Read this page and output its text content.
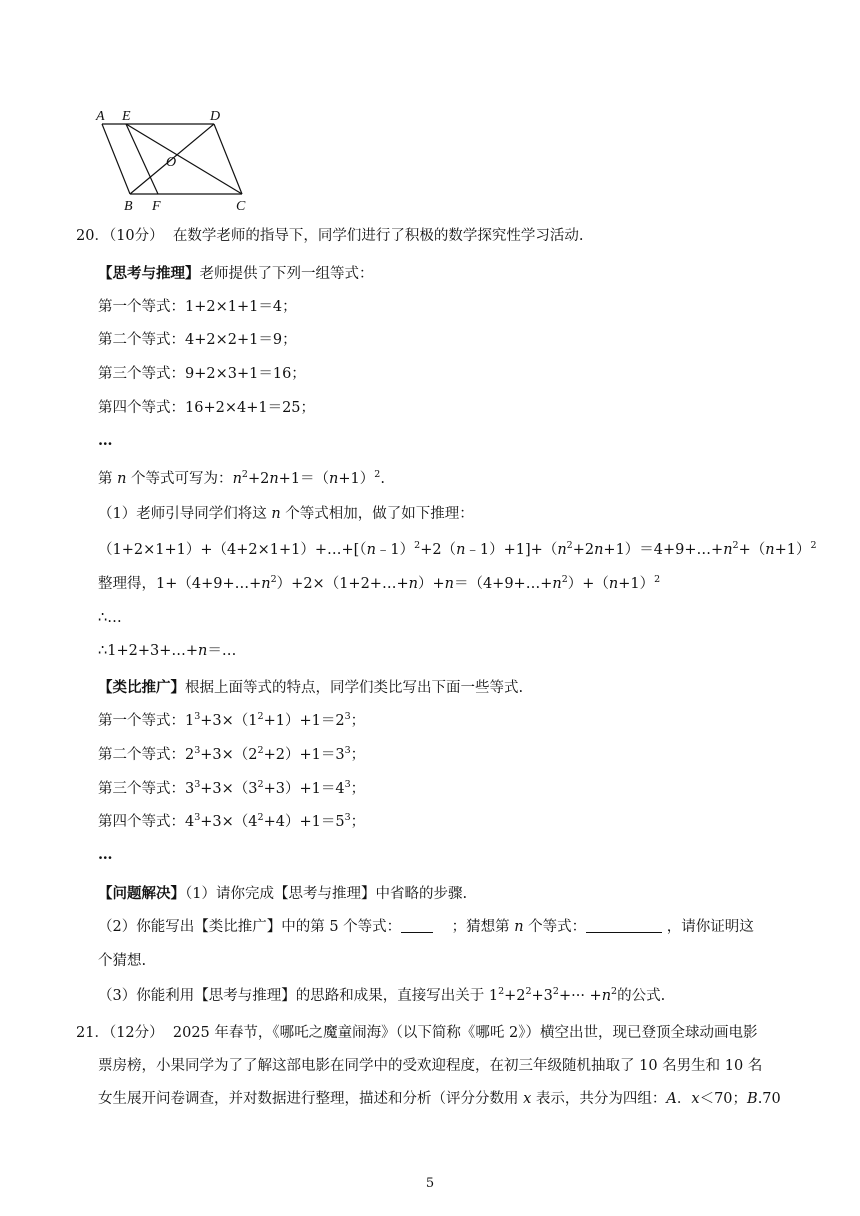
A E	D
O
B F	C
20．（10分） 在数学老师的指导下，同学们进行了积极的数学探究性学习活动.
【思考与推理】老师提供了下列一组等式：
第一个等式：1+2×1+1＝4；
第二个等式：4+2×2+1＝9；
第三个等式：9+2×3+1＝16；
第四个等式：16+2×4+1＝25；
…
第 n 个等式可写为：$n^2+2n+1=(n+1)^2$.
（1）老师引导同学们将这 n 个等式相加，做了如下推理：
$(1+2\times 1+1)+(4+2\times 1+1)+\dots+[(n﹣1)^2+2(n﹣1)+1]+(n^2+2n+1)=4+9+\dots+n^2+(n+1)^2$
整理得，$1+(4+9+\dots+n^2)+2\times(1+2+\dots+n)+n=(4+9+\dots+n^2)+(n+1)^2$
∴…
∴1+2+3+…+n＝…
【类比推广】根据上面等式的特点，同学们类比写出下面一些等式.
第一个等式：$1^3+3\times(1^2+1)+1=2^3$；
第二个等式：$2^3+3\times(2^2+2)+1=3^3$；
第三个等式：$3^3+3\times(3^2+3)+1=4^3$；
第四个等式：$4^3+3\times(4^2+4)+1=5^3$；
…
【问题解决】（1）请你完成【思考与推理】中省略的步骤.
（2）你能写出【类比推广】中的第 5 个等式：	；猜想第 n 个等式：	，请你证明这
个猜想.
（3）你能利用【思考与推理】的思路和成果，直接写出关于 $1^2+2^2+3^2+\cdot\cdot\cdot +n^2$的公式.
21．（12分） 2025 年春节，《哪吒之魔童闹海》（以下简称《哪吒 2》）横空出世，现已登顶全球动画电影
票房榜，小果同学为了了解这部电影在同学中的受欢迎程度，在初三年级随机抽取了 10 名男生和 10 名
女生展开问卷调查，并对数据进行整理，描述和分析（评分分数用 x 表示，共分为四组：A．x＜70；B.70
5
